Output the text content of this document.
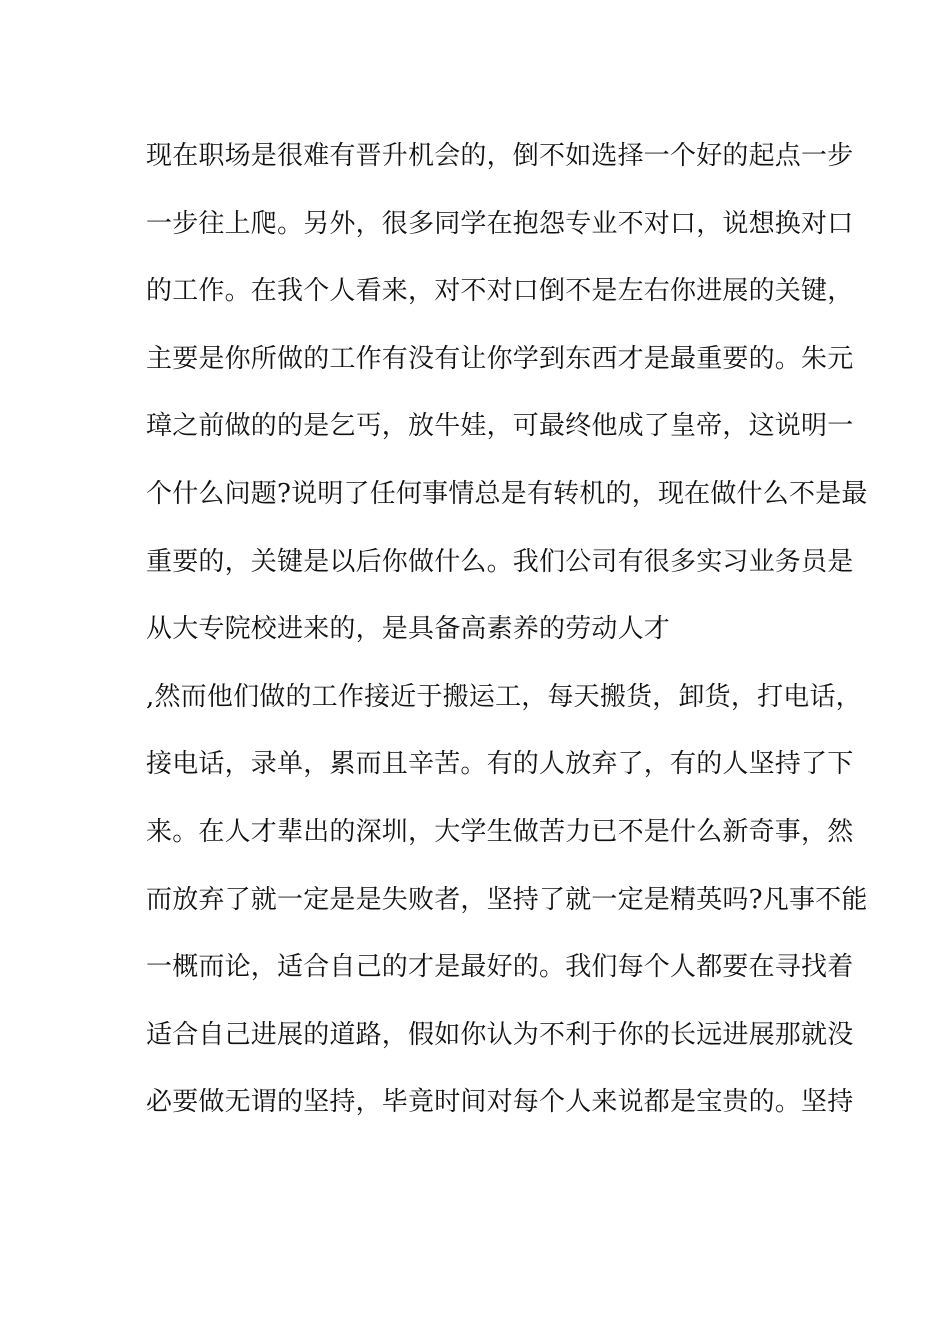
现在职场是很难有晋升机会的，倒不如选择一个好的起点一步
一步往上爬。另外，很多同学在抱怨专业不对口，说想换对口
的工作。在我个人看来，对不对口倒不是左右你进展的关键，
主要是你所做的工作有没有让你学到东西才是最重要的。朱元
璋之前做的的是乞丐，放牛娃，可最终他成了皇帝，这说明一
个什么问题?说明了任何事情总是有转机的，现在做什么不是最
重要的，关键是以后你做什么。我们公司有很多实习业务员是
从大专院校进来的，是具备高素养的劳动人才
,然而他们做的工作接近于搬运工，每天搬货，卸货，打电话，
接电话，录单，累而且辛苦。有的人放弃了，有的人坚持了下
来。在人才辈出的深圳，大学生做苦力已不是什么新奇事，然
而放弃了就一定是是失败者，坚持了就一定是精英吗?凡事不能
一概而论，适合自己的才是最好的。我们每个人都要在寻找着
适合自己进展的道路，假如你认为不利于你的长远进展那就没
必要做无谓的坚持，毕竟时间对每个人来说都是宝贵的。坚持
